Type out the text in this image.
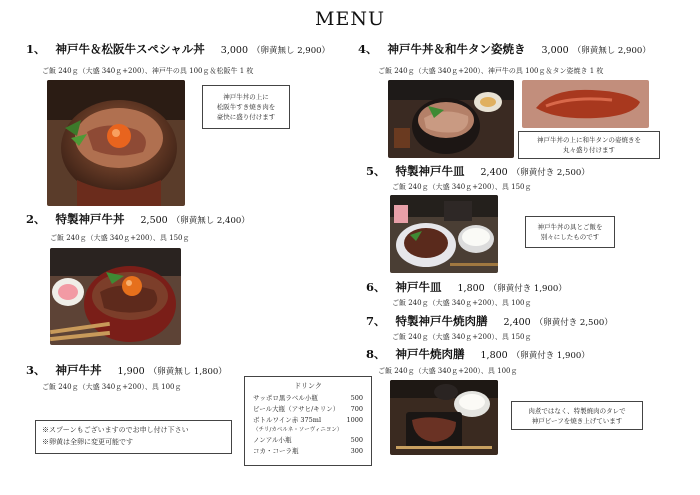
MENU
1、 神戸牛＆松阪牛スペシャル丼 3,000 （卵黄無し 2,900）
ご飯 240ｇ（大盛 340ｇ+200）、神戸牛の具 100ｇ＆松阪牛 1 枚
神戸牛丼の上に
松阪牛すき焼き肉を
豪快に盛り付けます
2、 特製神戸牛丼 2,500 （卵黄無し 2,400）
ご飯 240ｇ（大盛 340ｇ+200）、具 150ｇ
3、 神戸牛丼 1,900 （卵黄無し 1,800）
ご飯 240ｇ（大盛 340ｇ+200）、具 100ｇ
※スプーンもございますのでお申し付け下さい
※卵黄は全卵に変更可能です
ドリンク
サッポロ黒ラベル小瓶	500
ビール大瓶（アサヒ/キリン） 700
ボトルワイン赤 375ml	1000
（チリ/カベルネ・ソーヴィニヨン）
ノンアル小瓶	500
コカ・コーラ瓶	300
4、 神戸牛丼＆和牛タン姿焼き 3,000 （卵黄無し 2,900）
ご飯 240ｇ（大盛 340ｇ+200）、神戸牛の具 100ｇ＆タン姿焼き 1 枚
神戸牛丼の上に和牛タンの姿焼きを
丸々盛り付けます
5、 特製神戸牛皿 2,400 （卵黄付き 2,500）
ご飯 240ｇ（大盛 340ｇ+200）、具 150ｇ
神戸牛丼の具とご飯を
別々にしたものです
6、 神戸牛皿 1,800 （卵黄付き 1,900）
ご飯 240ｇ（大盛 340ｇ+200）、具 100ｇ
7、 特製神戸牛焼肉膳 2,400 （卵黄付き 2,500）
ご飯 240ｇ（大盛 340ｇ+200）、具 150ｇ
8、 神戸牛焼肉膳 1,800 （卵黄付き 1,900）
ご飯 240ｇ（大盛 340ｇ+200）、具 100ｇ
肉煮ではなく、特製焼肉のタレで
神戸ビーフを焼き上げています
